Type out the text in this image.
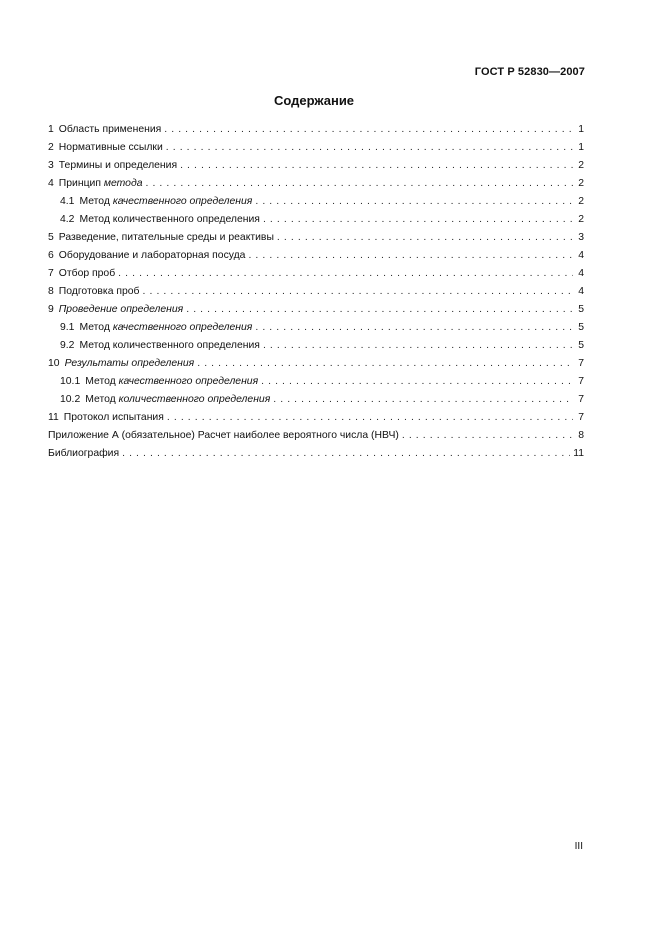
ГОСТ Р 52830—2007
Содержание
1 Область применения . . .	1
2 Нормативные ссылки . . .	1
3 Термины и определения . . .	2
4 Принцип метода . . .	2
4.1 Метод качественного определения . . .	2
4.2 Метод количественного определения . . .	2
5 Разведение, питательные среды и реактивы . . .	3
6 Оборудование и лабораторная посуда . . .	4
7 Отбор проб . . .	4
8 Подготовка проб . . .	4
9 Проведение определения . . .	5
9.1 Метод качественного определения . . .	5
9.2 Метод количественного определения . . .	5
10 Результаты определения . . .	7
10.1 Метод качественного определения . . .	7
10.2 Метод количественного определения . . .	7
11 Протокол испытания . . .	7
Приложение А (обязательное) Расчет наиболее вероятного числа (НВЧ) . . .	8
Библиография . . .	11
III
